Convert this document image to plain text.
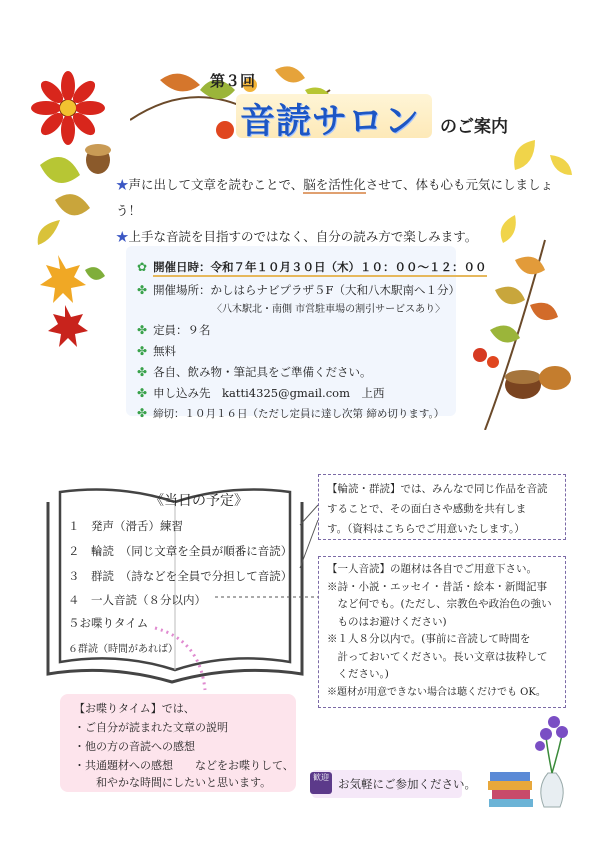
第３回
音読サロン のご案内
★声に出して文章を読むことで、脳を活性化させて、体も心も元気にしましょ
う！
★上手な音読を目指すのではなく、自分の読み方で楽しみます。
✿ 開催日時：令和７年１０月３０日（木）１０：００〜１２：００
✤ 開催場所：かしはらナビプラザ５F（大和八木駅南へ１分）
〈八木駅北・南側 市営駐車場の割引サービスあり〉
✤ 定員：９名
✤ 無料
✤ 各自、飲み物・筆記具をご準備ください。
✤ 申し込み先　katti4325@gmail.com　上西
✤ 締切：１０月１６日（ただし定員に達し次第 締め切ります。）
《当日の予定》
１　発声（滑舌）練習
２　輪読　（同じ文章を全員が順番に音読）
３　群読　（詩などを全員で分担して音読）
４　一人音読（８分以内）
５お喋りタイム
６群読（時間があれば）
【輪読・群読】では、みんなで同じ作品を音読
することで、その面白さや感動を共有しま
す。（資料はこちらでご用意いたします。）
【一人音読】の題材は各自でご用意下さい。
※詩・小説・エッセイ・昔話・絵本・新聞記事
　など何でも。(ただし、宗教色や政治色の強い
　ものはお避けください)
※１人８分以内で。(事前に音読して時間を
　計っておいてください。長い文章は抜粋して
　ください。)
※題材が用意できない場合は聴くだけでも OK。
【お喋りタイム】では、
・ご自分が読まれた文章の説明
・他の方の音読への感想
・共通題材への感想　　などをお喋りして、
　　和やかな時間にしたいと思います。	歓迎 お気軽にご参加ください。
